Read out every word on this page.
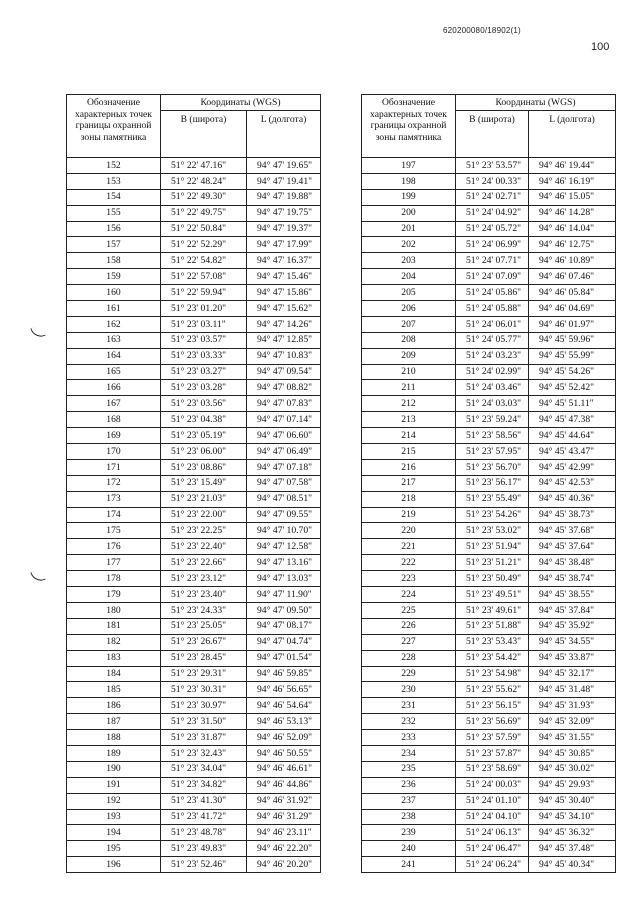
620200080/18902(1)
100
Обозначение характерных точек границы охранной зоны памятника	Координаты (WGS)	
	В (широта)	L (долгота)
152	51° 22' 47.16"	94° 47' 19.65"
153	51° 22' 48.24"	94° 47' 19.41"
154	51° 22' 49.30"	94° 47' 19.88"
155	51° 22' 49.75"	94° 47' 19.75"
156	51° 22' 50.84"	94° 47' 19.37"
157	51° 22' 52.29"	94° 47' 17.99"
158	51° 22' 54.82"	94° 47' 16.37"
159	51° 22' 57.08"	94° 47' 15.46"
160	51° 22' 59.94"	94° 47' 15.86"
161	51° 23' 01.20"	94° 47' 15.62"
162	51° 23' 03.11"	94° 47' 14.26"
163	51° 23' 03.57"	94° 47' 12.85"
164	51° 23' 03.33"	94° 47' 10.83"
165	51° 23' 03.27"	94° 47' 09.54"
166	51° 23' 03.28"	94° 47' 08.82"
167	51° 23' 03.56"	94° 47' 07.83"
168	51° 23' 04.38"	94° 47' 07.14"
169	51° 23' 05.19"	94° 47' 06.60"
170	51° 23' 06.00"	94° 47' 06.49"
171	51° 23' 08.86"	94° 47' 07.18"
172	51° 23' 15.49"	94° 47' 07.58"
173	51° 23' 21.03"	94° 47' 08.51"
174	51° 23' 22.00"	94° 47' 09.55"
175	51° 23' 22.25"	94° 47' 10.70"
176	51° 23' 22.40"	94° 47' 12.58"
177	51° 23' 22.66"	94° 47' 13.16"
178	51° 23' 23.12"	94° 47' 13.03"
179	51° 23' 23.40"	94° 47' 11.90"
180	51° 23' 24.33"	94° 47' 09.50"
181	51° 23' 25.05"	94° 47' 08.17"
182	51° 23' 26.67"	94° 47' 04.74"
183	51° 23' 28.45"	94° 47' 01.54"
184	51° 23' 29.31"	94° 46' 59.85"
185	51° 23' 30.31"	94° 46' 56.65"
186	51° 23' 30.97"	94° 46' 54.64"
187	51° 23' 31.50"	94° 46' 53.13"
188	51° 23' 31.87"	94° 46' 52.09"
189	51° 23' 32.43"	94° 46' 50.55"
190	51° 23' 34.04"	94° 46' 46.61"
191	51° 23' 34.82"	94° 46' 44.86"
192	51° 23' 41.30"	94° 46' 31.92"
193	51° 23' 41.72"	94° 46' 31.29"
194	51° 23' 48.78"	94° 46' 23.11"
195	51° 23' 49.83"	94° 46' 22.20"
196	51° 23' 52.46"	94° 46' 20.20"
Обозначение характерных точек границы охранной зоны памятника	Координаты (WGS)	
	В (широта)	L (долгота)
197	51° 23' 53.57"	94° 46' 19.44"
198	51° 24' 00.33"	94° 46' 16.19"
199	51° 24' 02.71"	94° 46' 15.05"
200	51° 24' 04.92"	94° 46' 14.28"
201	51° 24' 05.72"	94° 46' 14.04"
202	51° 24' 06.99"	94° 46' 12.75"
203	51° 24' 07.71"	94° 46' 10.89"
204	51° 24' 07.09"	94° 46' 07.46"
205	51° 24' 05.86"	94° 46' 05.84"
206	51° 24' 05.88"	94° 46' 04.69"
207	51° 24' 06.01"	94° 46' 01.97"
208	51° 24' 05.77"	94° 45' 59.96"
209	51° 24' 03.23"	94° 45' 55.99"
210	51° 24' 02.99"	94° 45' 54.26"
211	51° 24' 03.46"	94° 45' 52.42"
212	51° 24' 03.03"	94° 45' 51.11"
213	51° 23' 59.24"	94° 45' 47.38"
214	51° 23' 58.56"	94° 45' 44.64"
215	51° 23' 57.95"	94° 45' 43.47"
216	51° 23' 56.70"	94° 45' 42.99"
217	51° 23' 56.17"	94° 45' 42.53"
218	51° 23' 55.49"	94° 45' 40.36"
219	51° 23' 54.26"	94° 45' 38.73"
220	51° 23' 53.02"	94° 45' 37.68"
221	51° 23' 51.94"	94° 45' 37.64"
222	51° 23' 51.21"	94° 45' 38.48"
223	51° 23' 50.49"	94° 45' 38.74"
224	51° 23' 49.51"	94° 45' 38.55"
225	51° 23' 49.61"	94° 45' 37.84"
226	51° 23' 51.88"	94° 45' 35.92"
227	51° 23' 53.43"	94° 45' 34.55"
228	51° 23' 54.42"	94° 45' 33.87"
229	51° 23' 54.98"	94° 45' 32.17"
230	51° 23' 55.62"	94° 45' 31.48"
231	51° 23' 56.15"	94° 45' 31.93"
232	51° 23' 56.69"	94° 45' 32.09"
233	51° 23' 57.59"	94° 45' 31.55"
234	51° 23' 57.87"	94° 45' 30.85"
235	51° 23' 58.69"	94° 45' 30.02"
236	51° 24' 00.03"	94° 45' 29.93"
237	51° 24' 01.10"	94° 45' 30.40"
238	51° 24' 04.10"	94° 45' 34.10"
239	51° 24' 06.13"	94° 45' 36.32"
240	51° 24' 06.47"	94° 45' 37.48"
241	51° 24' 06.24"	94° 45' 40.34"
